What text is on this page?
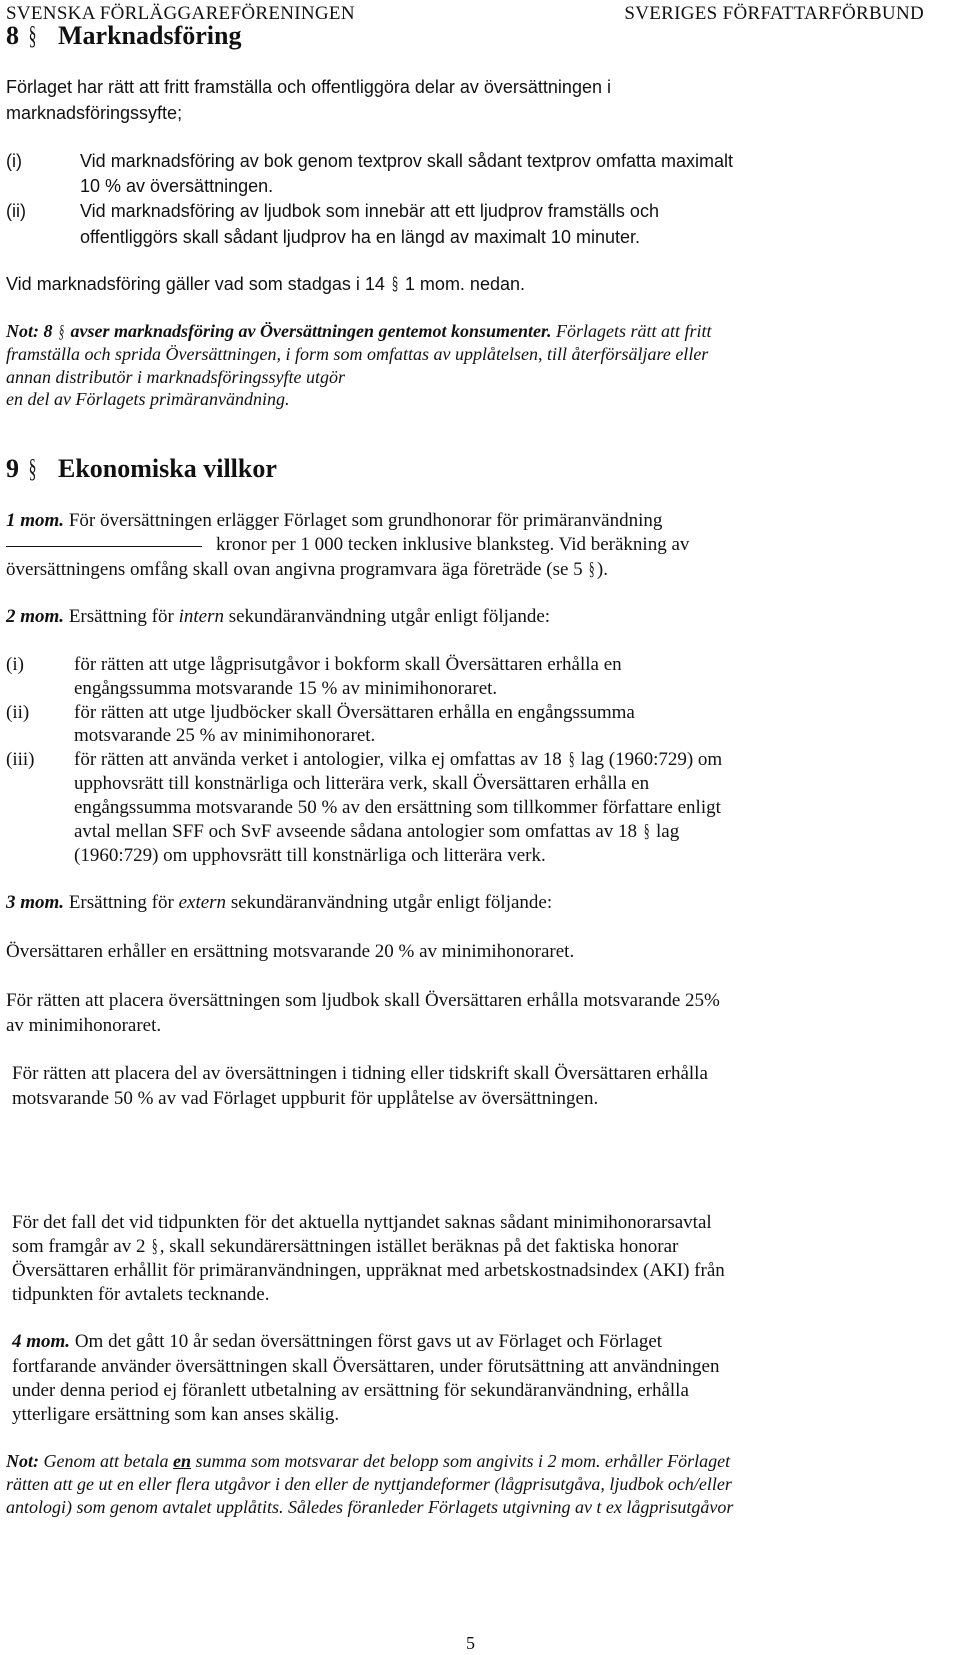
SVENSKA FÖRLÄGGAREFÖRENINGEN	SVERIGES FÖRFATTARFÖRBUND
8 § Marknadsföring
Förlaget har rätt att fritt framställa och offentliggöra delar av översättningen i
marknadsföringssyfte;
(i)	Vid marknadsföring av bok genom textprov skall sådant textprov omfatta maximalt
10 % av översättningen.
(ii)	Vid marknadsföring av ljudbok som innebär att ett ljudprov framställs och
offentliggörs skall sådant ljudprov ha en längd av maximalt 10 minuter.
Vid marknadsföring gäller vad som stadgas i 14 § 1 mom. nedan.
Not: 8 § avser marknadsföring av Översättningen gentemot konsumenter. Förlagets rätt att fritt
framställa och sprida Översättningen, i form som omfattas av upplåtelsen, till återförsäljare eller
annan distributör i marknadsföringssyfte utgör
en del av Förlagets primäranvändning.
9 § Ekonomiska villkor
1 mom. För översättningen erlägger Förlaget som grundhonorar för primäranvändning
kronor per 1 000 tecken inklusive blanksteg. Vid beräkning av
översättningens omfång skall ovan angivna programvara äga företräde (se 5 §).
2 mom. Ersättning för intern sekundäranvändning utgår enligt följande:
(i)	för rätten att utge lågprisutgåvor i bokform skall Översättaren erhålla en
engångssumma motsvarande 15 % av minimihonoraret.
(ii) för rätten att utge ljudböcker skall Översättaren erhålla en engångssumma
motsvarande 25 % av minimihonoraret.
(iii) för rätten att använda verket i antologier, vilka ej omfattas av 18 § lag (1960:729) om
upphovsrätt till konstnärliga och litterära verk, skall Översättaren erhålla en
engångssumma motsvarande 50 % av den ersättning som tillkommer författare enligt
avtal mellan SFF och SvF avseende sådana antologier som omfattas av 18 § lag
(1960:729) om upphovsrätt till konstnärliga och litterära verk.
3 mom. Ersättning för extern sekundäranvändning utgår enligt följande:
Översättaren erhåller en ersättning motsvarande 20 % av minimihonoraret.
För rätten att placera översättningen som ljudbok skall Översättaren erhålla motsvarande 25%
av minimihonoraret.
För rätten att placera del av översättningen i tidning eller tidskrift skall Översättaren erhålla
motsvarande 50 % av vad Förlaget uppburit för upplåtelse av översättningen.
För det fall det vid tidpunkten för det aktuella nyttjandet saknas sådant minimihonorarsavtal
som framgår av 2 § , skall sekundärersättningen istället beräknas på det faktiska honorar
Översättaren erhållit för primäranvändningen, uppräknat med arbetskostnadsindex (AKI) från
tidpunkten för avtalets tecknande.
4 mom. Om det gått 10 år sedan översättningen först gavs ut av Förlaget och Förlaget
fortfarande använder översättningen skall Översättaren, under förutsättning att användningen
under denna period ej föranlett utbetalning av ersättning för sekundäranvändning, erhålla
ytterligare ersättning som kan anses skälig.
Not: Genom att betala en summa som motsvarar det belopp som angivits i 2 mom. erhåller Förlaget
rätten att ge ut en eller flera utgåvor i den eller de nyttjandeformer (lågprisutgåva, ljudbok och/eller
antologi) som genom avtalet upplåtits. Således föranleder Förlagets utgivning av t ex lågprisutgåvor
5
